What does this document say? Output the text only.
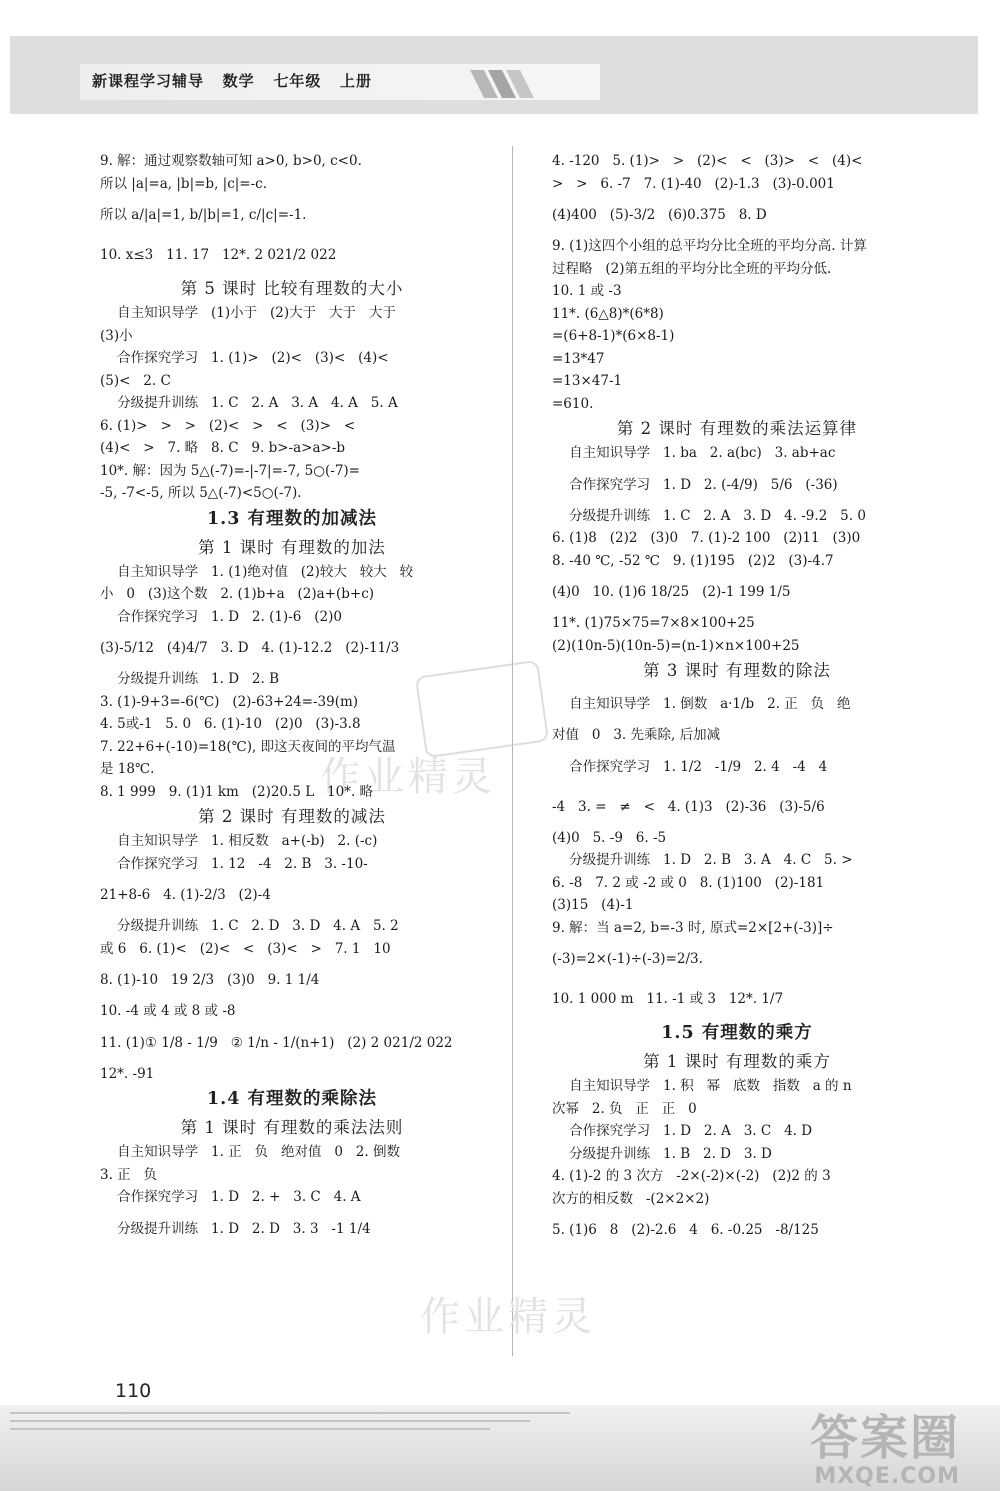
新课程学习辅导   数学   七年级   上册
作业精灵
作业精灵
9. 解：通过观察数轴可知 a>0, b>0, c<0.
所以 |a|=a, |b|=b, |c|=-c.
所以 a/|a|=1, b/|b|=1, c/|c|=-1.
10. x≤3   11. 17   12*. 2 021/2 022
第 5 课时 比较有理数的大小
自主知识导学   (1)小于   (2)大于   大于   大于
(3)小
合作探究学习   1. (1)>   (2)<   (3)<   (4)<
(5)<   2. C
分级提升训练   1. C   2. A   3. A   4. A   5. A
6. (1)>   >   >   (2)<   >   <   (3)>   <
(4)<   >   7. 略   8. C   9. b>-a>a>-b
10*. 解：因为 5△(-7)=-|-7|=-7, 5○(-7)=
-5, -7<-5, 所以 5△(-7)<5○(-7).
1.3 有理数的加减法
第 1 课时 有理数的加法
自主知识导学   1. (1)绝对值   (2)较大   较大   较
小   0   (3)这个数   2. (1)b+a   (2)a+(b+c)
合作探究学习   1. D   2. (1)-6   (2)0
(3)-5/12   (4)4/7   3. D   4. (1)-12.2   (2)-11/3
分级提升训练   1. D   2. B
3. (1)-9+3=-6(℃)   (2)-63+24=-39(m)
4. 5或-1   5. 0   6. (1)-10   (2)0   (3)-3.8
7. 22+6+(-10)=18(℃), 即这天夜间的平均气温
是 18℃.
8. 1 999   9. (1)1 km   (2)20.5 L   10*. 略
第 2 课时 有理数的减法
自主知识导学   1. 相反数   a+(-b)   2. (-c)
合作探究学习   1. 12   -4   2. B   3. -10-
21+8-6   4. (1)-2/3   (2)-4
分级提升训练   1. C   2. D   3. D   4. A   5. 2
或 6   6. (1)<   (2)<   <   (3)<   >   7. 1   10
8. (1)-10   19 2/3   (3)0   9. 1 1/4
10. -4 或 4 或 8 或 -8
11. (1)① 1/8 - 1/9   ② 1/n - 1/(n+1)   (2) 2 021/2 022
12*. -91
1.4 有理数的乘除法
第 1 课时 有理数的乘法法则
自主知识导学   1. 正   负   绝对值   0   2. 倒数
3. 正   负
合作探究学习   1. D   2. +   3. C   4. A
分级提升训练   1. D   2. D   3. 3   -1 1/4
4. -120   5. (1)>   >   (2)<   <   (3)>   <   (4)<
>   >   6. -7   7. (1)-40   (2)-1.3   (3)-0.001
(4)400   (5)-3/2   (6)0.375   8. D
9. (1)这四个小组的总平均分比全班的平均分高. 计算
过程略   (2)第五组的平均分比全班的平均分低.
10. 1 或 -3
11*. (6△8)*(6*8)
=(6+8-1)*(6×8-1)
=13*47
=13×47-1
=610.
第 2 课时 有理数的乘法运算律
自主知识导学   1. ba   2. a(bc)   3. ab+ac
合作探究学习   1. D   2. (-4/9)   5/6   (-36)
分级提升训练   1. C   2. A   3. D   4. -9.2   5. 0
6. (1)8   (2)2   (3)0   7. (1)-2 100   (2)11   (3)0
8. -40 ℃, -52 ℃   9. (1)195   (2)2   (3)-4.7
(4)0   10. (1)6 18/25   (2)-1 199 1/5
11*. (1)75×75=7×8×100+25
(2)(10n-5)(10n-5)=(n-1)×n×100+25
第 3 课时 有理数的除法
自主知识导学   1. 倒数   a·1/b   2. 正   负   绝
对值   0   3. 先乘除, 后加减
合作探究学习   1. 1/2   -1/9   2. 4   -4   4
-4   3. =   ≠   <   4. (1)3   (2)-36   (3)-5/6
(4)0   5. -9   6. -5
分级提升训练   1. D   2. B   3. A   4. C   5. >
6. -8   7. 2 或 -2 或 0   8. (1)100   (2)-181
(3)15   (4)-1
9. 解：当 a=2, b=-3 时, 原式=2×[2+(-3)]÷
(-3)=2×(-1)÷(-3)=2/3.
10. 1 000 m   11. -1 或 3   12*. 1/7
1.5 有理数的乘方
第 1 课时 有理数的乘方
自主知识导学   1. 积   幂   底数   指数   a 的 n
次幂   2. 负   正   正   0
合作探究学习   1. D   2. A   3. C   4. D
分级提升训练   1. B   2. D   3. D
4. (1)-2 的 3 次方   -2×(-2)×(-2)   (2)2 的 3
次方的相反数   -(2×2×2)
5. (1)6   8   (2)-2.6   4   6. -0.25   -8/125
110
答案圈
MXQE.COM
